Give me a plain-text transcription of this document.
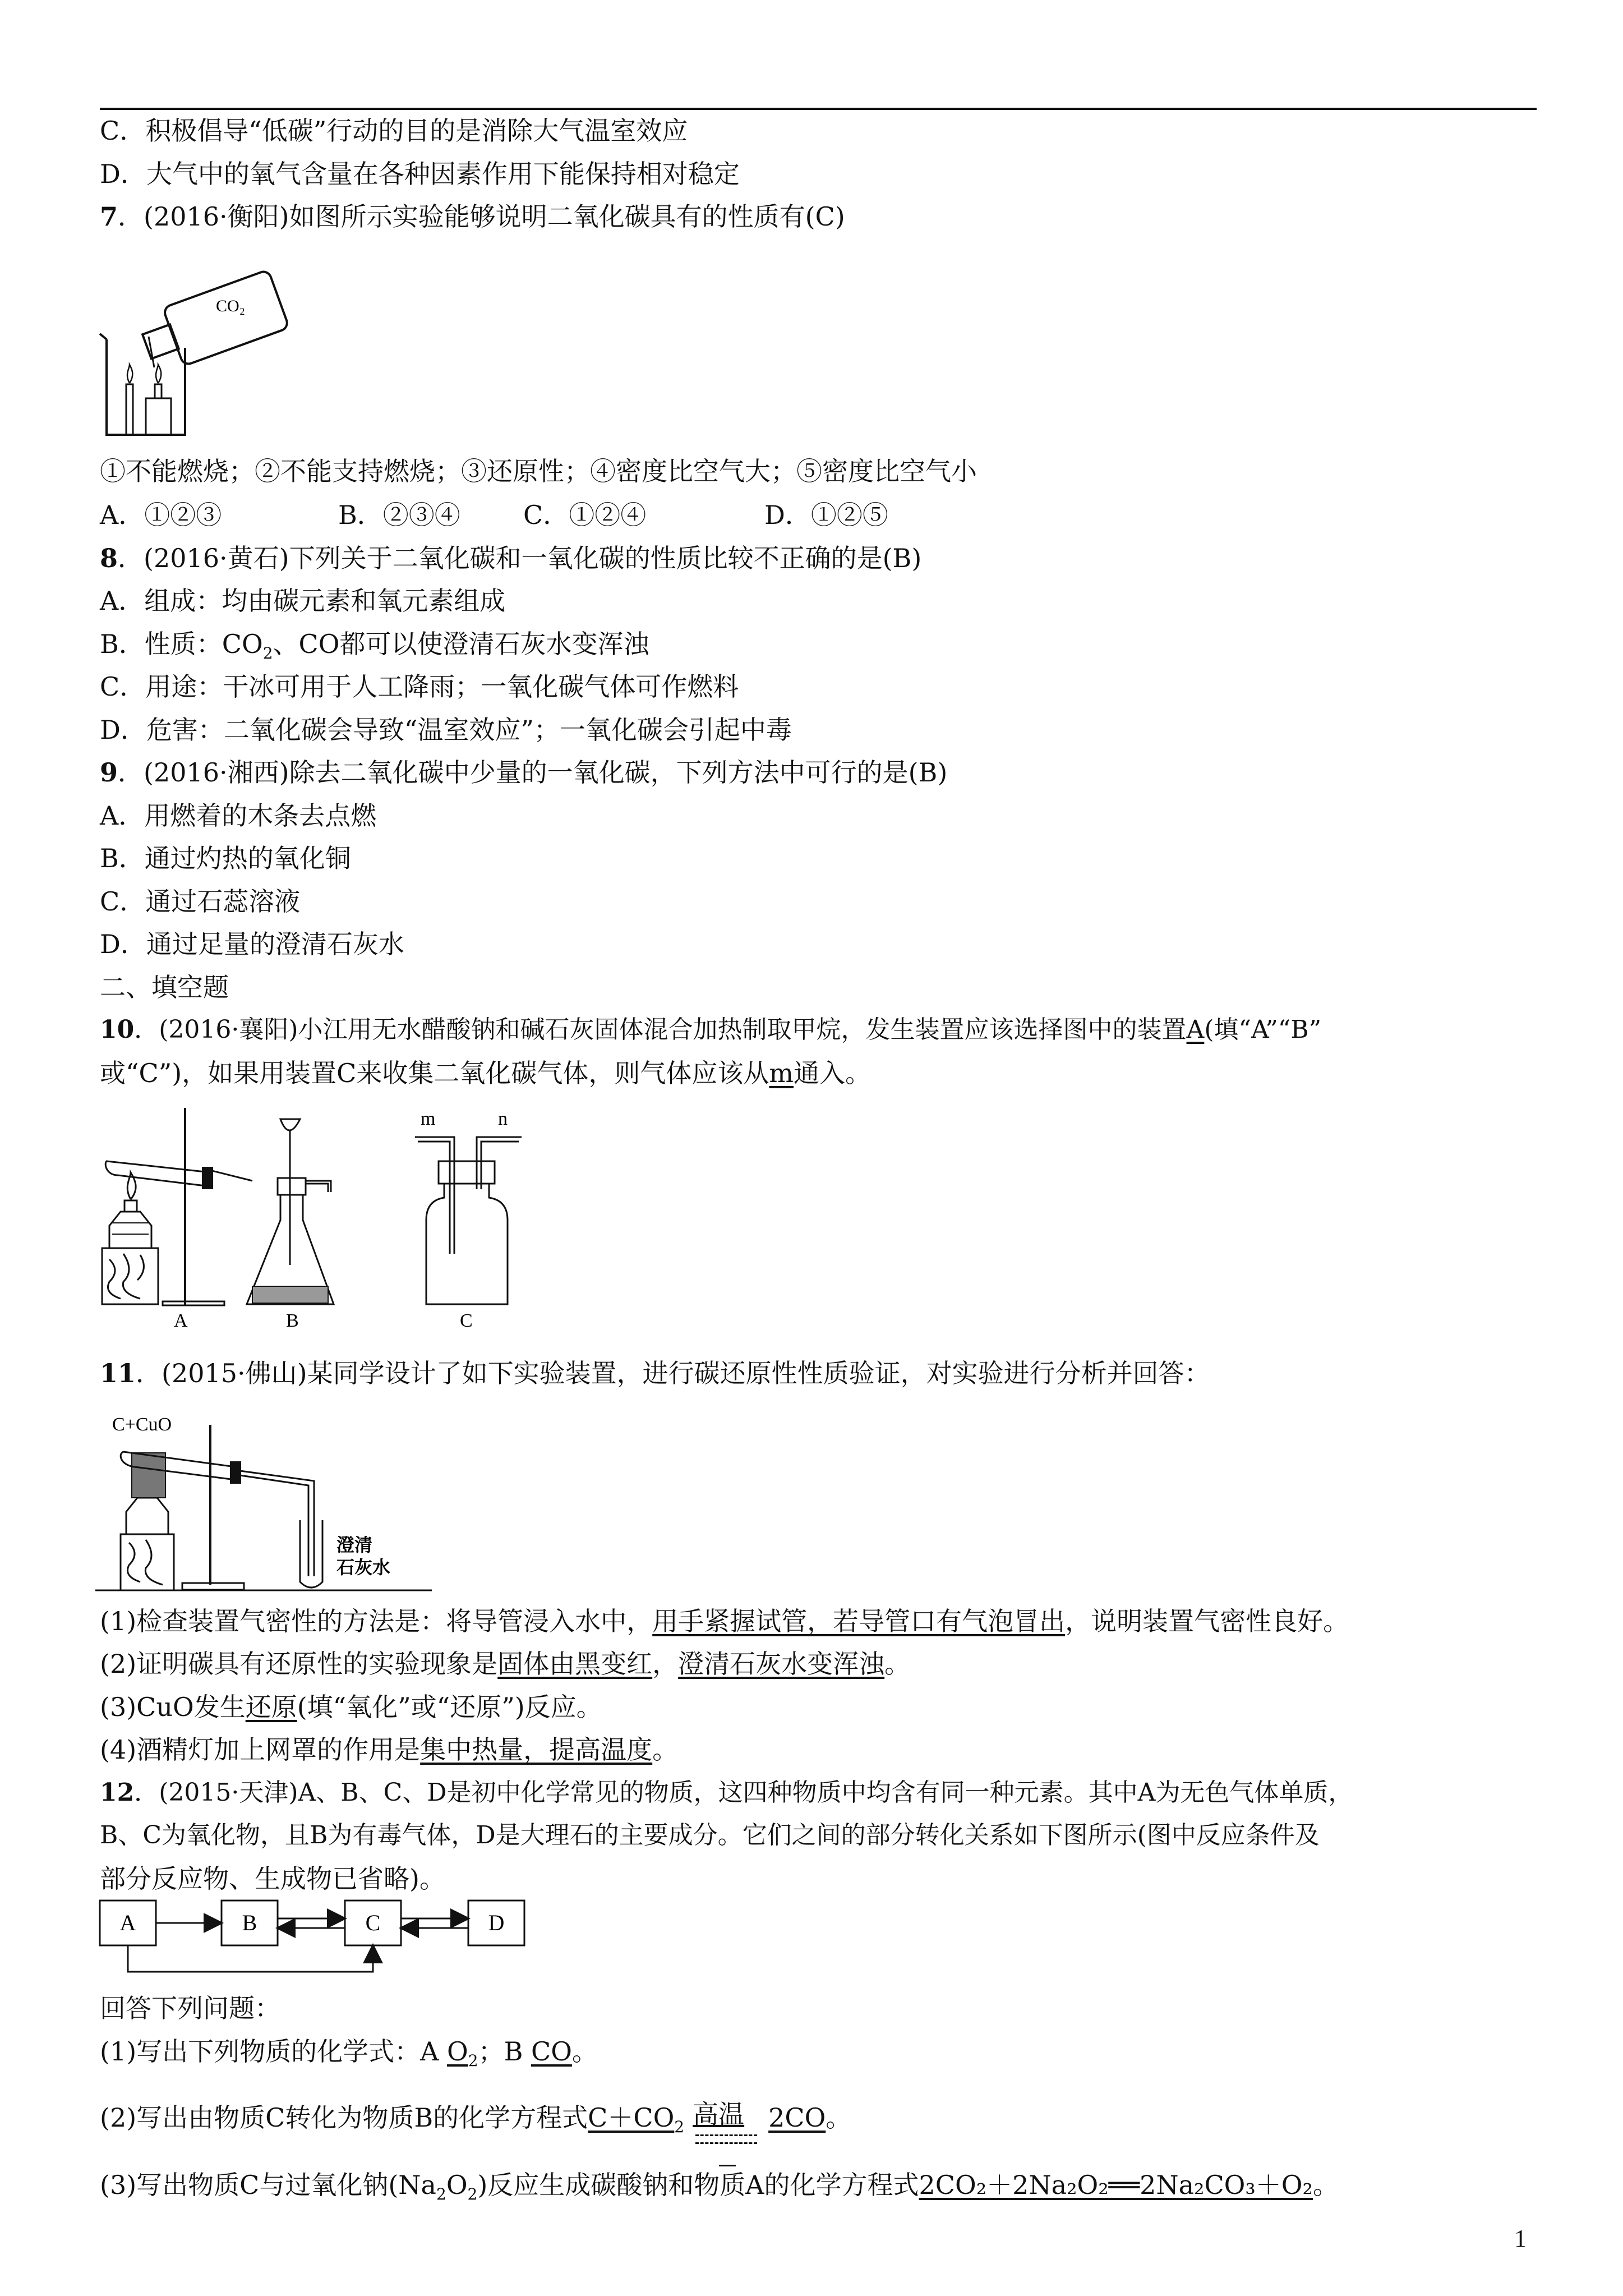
C．积极倡导“低碳”行动的目的是消除大气温室效应
D．大气中的氧气含量在各种因素作用下能保持相对稳定
7．(2016·衡阳)如图所示实验能够说明二氧化碳具有的性质有(C)
CO₂
①不能燃烧；②不能支持燃烧；③还原性；④密度比空气大；⑤密度比空气小
A．①②③	B．②③④ C．①②④	D．①②⑤
8．(2016·黄石)下列关于二氧化碳和一氧化碳的性质比较不正确的是(B)
A．组成：均由碳元素和氧元素组成
B．性质：$CO_2$、CO都可以使澄清石灰水变浑浊
C．用途：干冰可用于人工降雨；一氧化碳气体可作燃料
D．危害：二氧化碳会导致“温室效应”；一氧化碳会引起中毒
9．(2016·湘西)除去二氧化碳中少量的一氧化碳，下列方法中可行的是(B)
A．用燃着的木条去点燃
B．通过灼热的氧化铜
C．通过石蕊溶液
D．通过足量的澄清石灰水
二、填空题
10．(2016·襄阳)小江用无水醋酸钠和碱石灰固体混合加热制取甲烷，发生装置应该选择图中的装置A(填“A”“B”
或“C”)，如果用装置C来收集二氧化碳气体，则气体应该从m通入。
A	B
m	n
C
11．(2015·佛山)某同学设计了如下实验装置，进行碳还原性性质验证，对实验进行分析并回答：
C+CuO
澄清
石灰水
(1)检查装置气密性的方法是：将导管浸入水中，用手紧握试管，若导管口有气泡冒出，说明装置气密性良好。
(2)证明碳具有还原性的实验现象是固体由黑变红，澄清石灰水变浑浊。
(3)CuO发生还原(填“氧化”或“还原”)反应。
(4)酒精灯加上网罩的作用是集中热量，提高温度。
12．(2015·天津)A、B、C、D是初中化学常见的物质，这四种物质中均含有同一种元素。其中A为无色气体单质，
B、C为氧化物，且B为有毒气体，D是大理石的主要成分。它们之间的部分转化关系如下图所示(图中反应条件及
部分反应物、生成物已省略)。
A	B	C	D
回答下列问题：
(1)写出下列物质的化学式：A $O_2$；B CO。
(2)写出由物质C转化为物质B的化学方程式$C+CO_2$ 高温 2CO。
(3)写出物质C与过氧化钠$(Na_2O_2)$反应生成碳酸钠和物质A的化学方程式2CO₂＋2Na₂O₂══2Na₂CO₃＋O₂。
1
